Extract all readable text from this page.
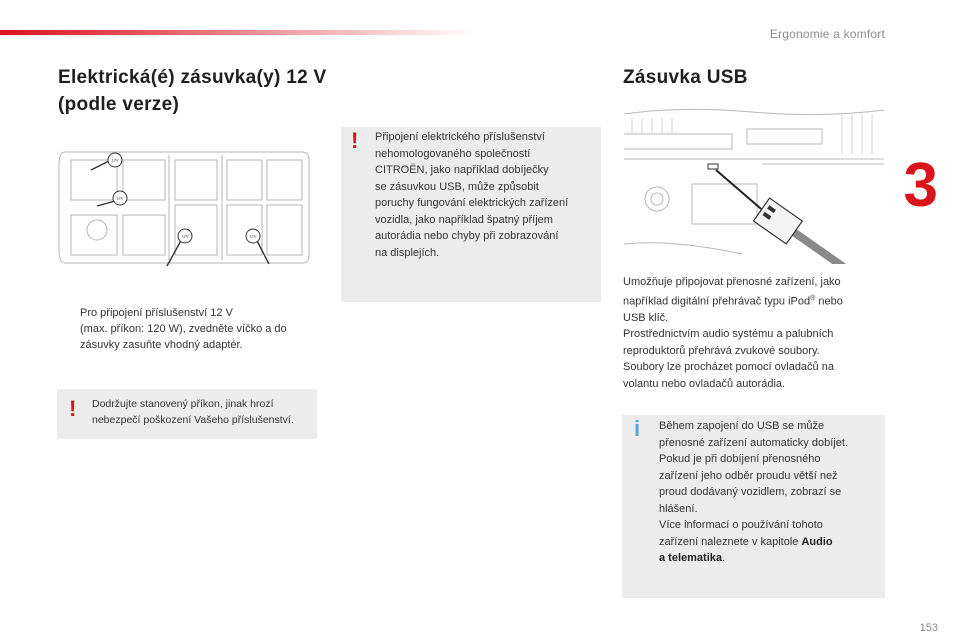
Ergonomie a komfort
3
153
Elektrická(é) zásuvka(y) 12 V
(podle verze)
12V
12V
12V	12V
Pro připojení příslušenství 12 V
(max. příkon: 120 W), zvedněte víčko a do
zásuvky zasuňte vhodný adaptér.
! Dodržujte stanovený příkon, jinak hrozí
nebezpečí poškození Vašeho příslušenství.
! Připojení elektrického příslušenství
nehomologovaného společností
CITROËN, jako například dobíječky
se zásuvkou USB, může způsobit
poruchy fungování elektrických zařízení
vozidla, jako například špatný příjem
autorádia nebo chyby při zobrazování
na displejích.
Zásuvka USB
Umožňuje připojovat přenosné zařízení, jako
například digitální přehrávač typu iPod® nebo
USB klíč.
Prostřednictvím audio systému a palubních
reproduktorů přehrává zvukové soubory.
Soubory lze procházet pomocí ovladačů na
volantu nebo ovladačů autorádia.
i Během zapojení do USB se může
přenosné zařízení automaticky dobíjet.
Pokud je při dobíjení přenosného
zařízení jeho odběr proudu větší než
proud dodávaný vozidlem, zobrazí se
hlášení.
Více informací o používání tohoto
zařízení naleznete v kapitole Audio
a telematika.
